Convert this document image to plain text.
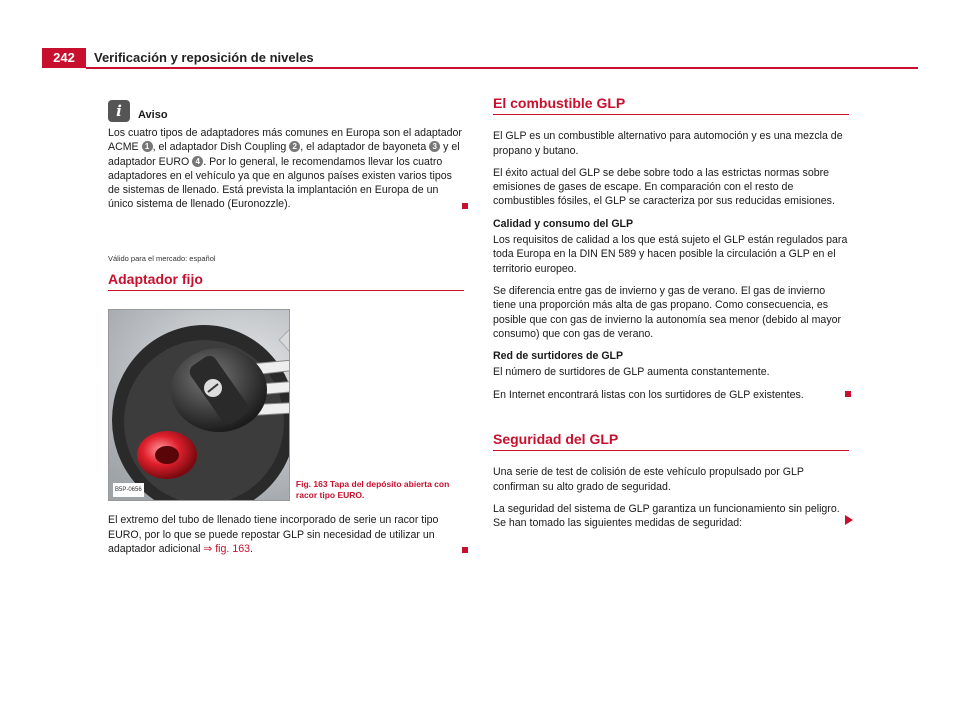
242	Verificación y reposición de niveles
i	Aviso

Los cuatro tipos de adaptadores más comunes en Europa son el adaptador ACME 1 , el adaptador Dish Coupling 2 , el adaptador de bayoneta 3 y el adaptador EURO 4 . Por lo general, le recomendamos llevar los cuatro adaptadores en el vehículo ya que en algunos países existen varios tipos de sistemas de llenado. Está prevista la implantación en Europa de un único sistema de llenado (Euronozzle).

Válido para el mercado: español
Adaptador fijo
B5P-0656
Fig. 163 Tapa del depósito abierta con racor tipo EURO.

El extremo del tubo de llenado tiene incorporado de serie un racor tipo EURO, por lo que se puede repostar GLP sin necesidad de utilizar un adaptador adicional ⇒ fig. 163.

El combustible GLP

El GLP es un combustible alternativo para automoción y es una mezcla de propano y butano.

El éxito actual del GLP se debe sobre todo a las estrictas normas sobre emisiones de gases de escape. En comparación con el resto de combustibles fósiles, el GLP se caracteriza por sus reducidas emisiones.

Calidad y consumo del GLP

Los requisitos de calidad a los que está sujeto el GLP están regulados para toda Europa en la DIN EN 589 y hacen posible la circulación a GLP en el territorio europeo.

Se diferencia entre gas de invierno y gas de verano. El gas de invierno tiene una proporción más alta de gas propano. Como consecuencia, es posible que con gas de invierno la autonomía sea menor (debido al mayor consumo) que con gas de verano.

Red de surtidores de GLP

El número de surtidores de GLP aumenta constantemente.

En Internet encontrará listas con los surtidores de GLP existentes.

Seguridad del GLP

Una serie de test de colisión de este vehículo propulsado por GLP confirman su alto grado de seguridad.

La seguridad del sistema de GLP garantiza un funcionamiento sin peligro. Se han tomado las siguientes medidas de seguridad:
